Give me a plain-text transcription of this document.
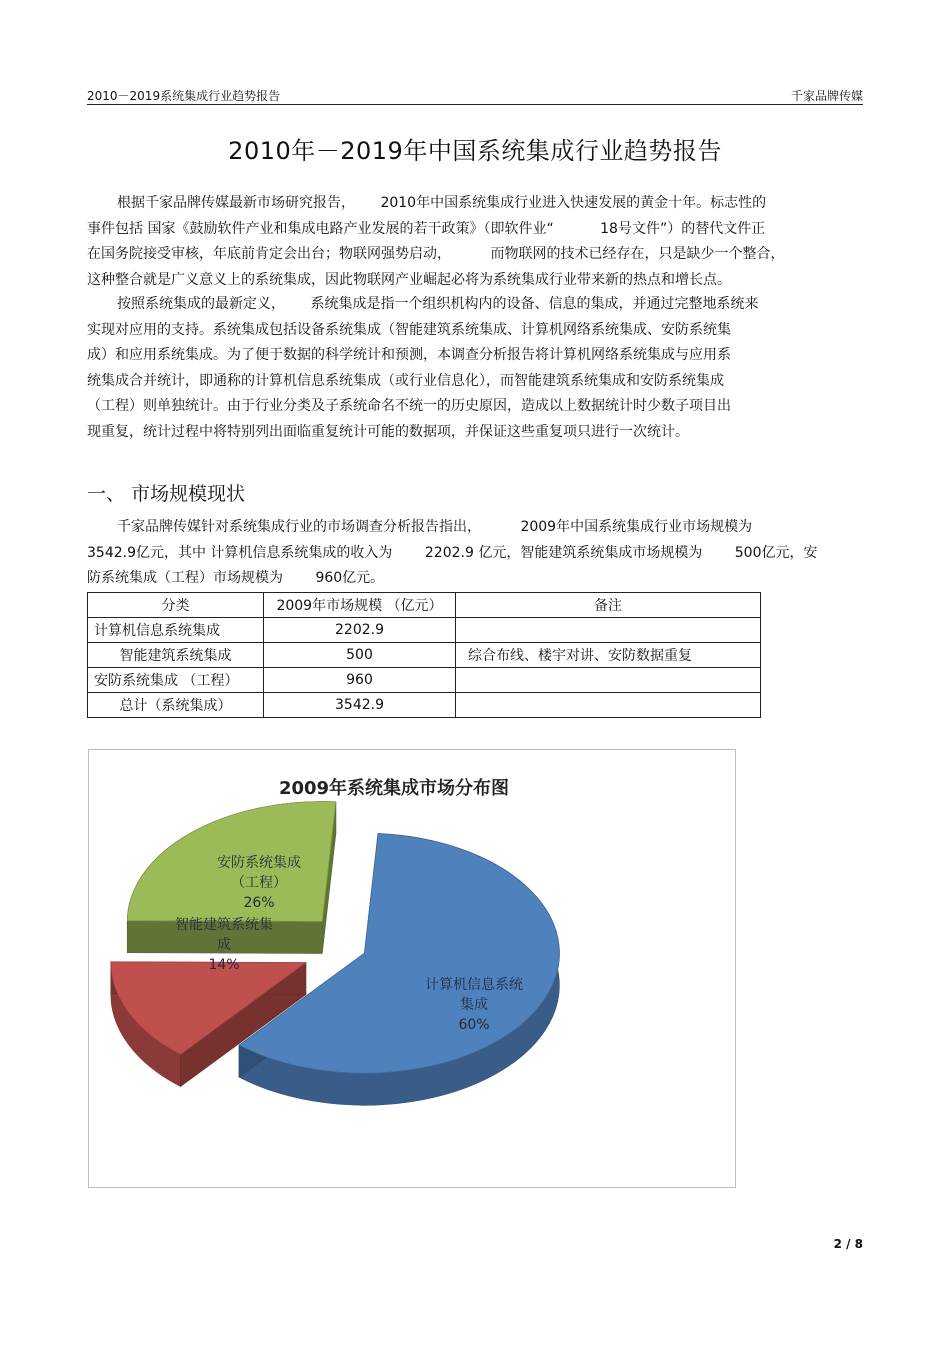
2010－2019系统集成行业趋势报告	千家品牌传媒
2010年－2019年中国系统集成行业趋势报告
根据千家品牌传媒最新市场研究报告，　　 2010年中国系统集成行业进入快速发展的黄金十年。标志性的
事件包括 国家《鼓励软件产业和集成电路产业发展的若干政策》（即软件业“　　　 18号文件”）的替代文件正
在国务院接受审核，年底前肯定会出台；物联网强势启动，　　　 而物联网的技术已经存在，只是缺少一个整合，
这种整合就是广义意义上的系统集成，因此物联网产业崛起必将为系统集成行业带来新的热点和增长点。
按照系统集成的最新定义，　　 系统集成是指一个组织机构内的设备、信息的集成，并通过完整地系统来
实现对应用的支持。系统集成包括设备系统集成（智能建筑系统集成、计算机网络系统集成、安防系统集
成）和应用系统集成。为了便于数据的科学统计和预测，本调查分析报告将计算机网络系统集成与应用系
统集成合并统计，即通称的计算机信息系统集成（或行业信息化），而智能建筑系统集成和安防系统集成
（工程）则单独统计。由于行业分类及子系统命名不统一的历史原因，造成以上数据统计时少数子项目出
现重复，统计过程中将特别列出面临重复统计可能的数据项，并保证这些重复项只进行一次统计。
一、 市场规模现状
千家品牌传媒针对系统集成行业的市场调查分析报告指出，　　　 2009年中国系统集成行业市场规模为
3542.9亿元，其中 计算机信息系统集成的收入为　　 2202.9 亿元，智能建筑系统集成市场规模为　　 500亿元，安
防系统集成（工程）市场规模为　　 960亿元。
分类	2009年市场规模 （亿元）	备注
计算机信息系统集成	2202.9	
智能建筑系统集成	500	综合布线、楼宇对讲、安防数据重复
安防系统集成 （工程）	960	
总计（系统集成）	3542.9	
2009年系统集成市场分布图
计算机信息系统
集成
60%
智能建筑系统集
成
14%
安防系统集成
（工程）
26%
2 / 8
